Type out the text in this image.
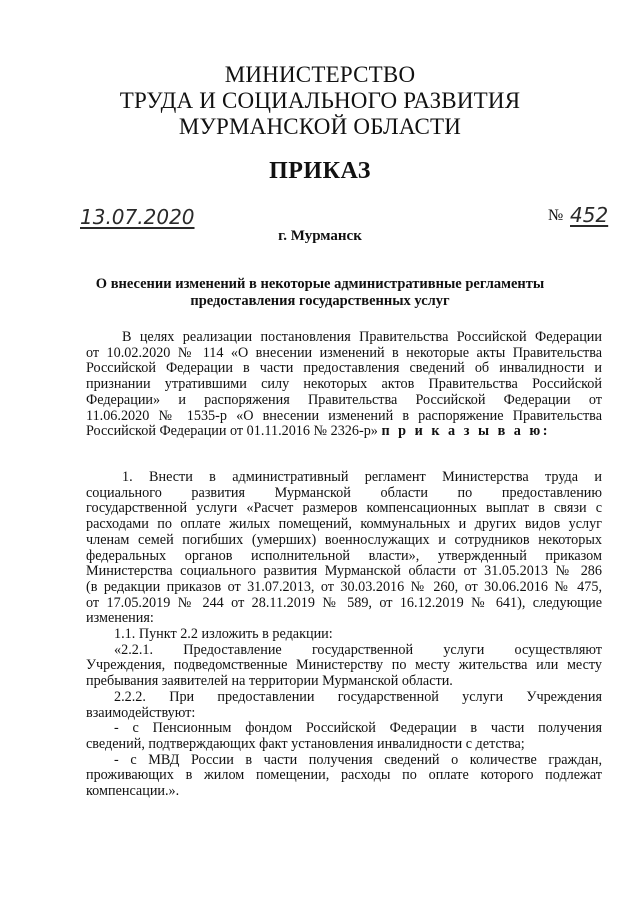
МИНИСТЕРСТВО
ТРУДА И СОЦИАЛЬНОГО РАЗВИТИЯ
МУРМАНСКОЙ ОБЛАСТИ
ПРИКАЗ
13.07.2020	№ 452
г. Мурманск
О внесении изменений в некоторые административные регламенты
предоставления государственных услуг
В целях реализации постановления Правительства Российской Федерации
от 10.02.2020 № 114 «О внесении изменений в некоторые акты Правительства
Российской Федерации в части предоставления сведений об инвалидности и
признании утратившими силу некоторых актов Правительства Российской
Федерации» и распоряжения Правительства Российской Федерации от
11.06.2020 № 1535-р «О внесении изменений в распоряжение Правительства
Российской Федерации от 01.11.2016 № 2326-р» п р и к а з ы в а ю:
1. Внести в административный регламент Министерства труда и
социального развития Мурманской области по предоставлению
государственной услуги «Расчет размеров компенсационных выплат в связи с
расходами по оплате жилых помещений, коммунальных и других видов услуг
членам семей погибших (умерших) военнослужащих и сотрудников некоторых
федеральных органов исполнительной власти», утвержденный приказом
Министерства социального развития Мурманской области от 31.05.2013 № 286
(в редакции приказов от 31.07.2013, от 30.03.2016 № 260, от 30.06.2016 № 475,
от 17.05.2019 № 244 от 28.11.2019 № 589, от 16.12.2019 № 641), следующие
изменения:
1.1. Пункт 2.2 изложить в редакции:
«2.2.1. Предоставление государственной услуги осуществляют
Учреждения, подведомственные Министерству по месту жительства или месту
пребывания заявителей на территории Мурманской области.
2.2.2. При предоставлении государственной услуги Учреждения
взаимодействуют:
- с Пенсионным фондом Российской Федерации в части получения
сведений, подтверждающих факт установления инвалидности с детства;
- с МВД России в части получения сведений о количестве граждан,
проживающих в жилом помещении, расходы по оплате которого подлежат
компенсации.».
